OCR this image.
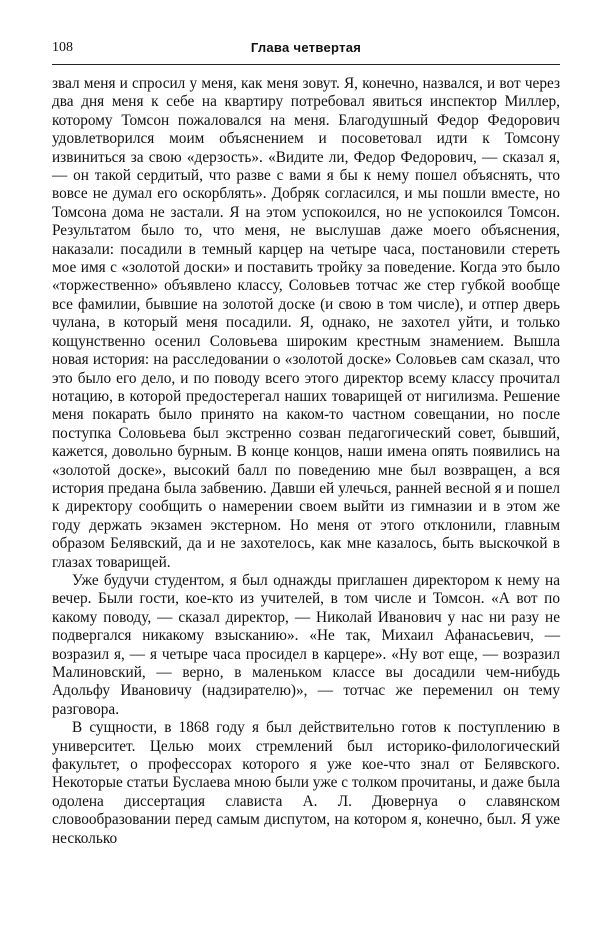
108	Глава четвертая

звал меня и спросил у меня, как меня зовут. Я, конечно, назвался, и вот через два дня меня к себе на квартиру потребовал явиться инспектор Миллер, которому Томсон пожаловался на меня. Благодушный Федор Федорович удовлетворился моим объяснением и посоветовал идти к Томсону извиниться за свою «дерзость». «Видите ли, Федор Федорович, — сказал я, — он такой сердитый, что разве с вами я бы к нему пошел объяснять, что вовсе не думал его оскорблять». Добряк согласился, и мы пошли вместе, но Томсона дома не застали. Я на этом успокоился, но не успокоился Томсон. Результатом было то, что меня, не выслушав даже моего объяснения, наказали: посадили в темный карцер на четыре часа, постановили стереть мое имя с «золотой доски» и поставить тройку за поведение. Когда это было «торжественно» объявлено классу, Соловьев тотчас же стер губкой вообще все фамилии, бывшие на золотой доске (и свою в том числе), и отпер дверь чулана, в который меня посадили. Я, однако, не захотел уйти, и только кощунственно осенил Соловьева широким крестным знамением. Вышла новая история: на расследовании о «золотой доске» Соловьев сам сказал, что это было его дело, и по поводу всего этого директор всему классу прочитал нотацию, в которой предостерегал наших товарищей от нигилизма. Решение меня покарать было принято на каком-то частном совещании, но после поступка Соловьева был экстренно созван педагогический совет, бывший, кажется, довольно бурным. В конце концов, наши имена опять появились на «золотой доске», высокий балл по поведению мне был возвращен, а вся история предана была забвению. Давши ей улечься, ранней весной я и пошел к директору сообщить о намерении своем выйти из гимназии и в этом же году держать экзамен экстерном. Но меня от этого отклонили, главным образом Белявский, да и не захотелось, как мне казалось, быть выскочкой в глазах товарищей.

Уже будучи студентом, я был однажды приглашен директором к нему на вечер. Были гости, кое-кто из учителей, в том числе и Томсон. «А вот по какому поводу, — сказал директор, — Николай Иванович у нас ни разу не подвергался никакому взысканию». «Не так, Михаил Афанасьевич, — возразил я, — я четыре часа просидел в карцере». «Ну вот еще, — возразил Малиновский, — верно, в маленьком классе вы досадили чем-нибудь Адольфу Ивановичу (надзирателю)», — тотчас же переменил он тему разговора.

В сущности, в 1868 году я был действительно готов к поступлению в университет. Целью моих стремлений был историко-филологический факультет, о профессорах которого я уже кое-что знал от Белявского. Некоторые статьи Буслаева мною были уже с толком прочитаны, и даже была одолена диссертация слависта А. Л. Дювернуа о славянском словообразовании перед самым диспутом, на котором я, конечно, был. Я уже несколько
